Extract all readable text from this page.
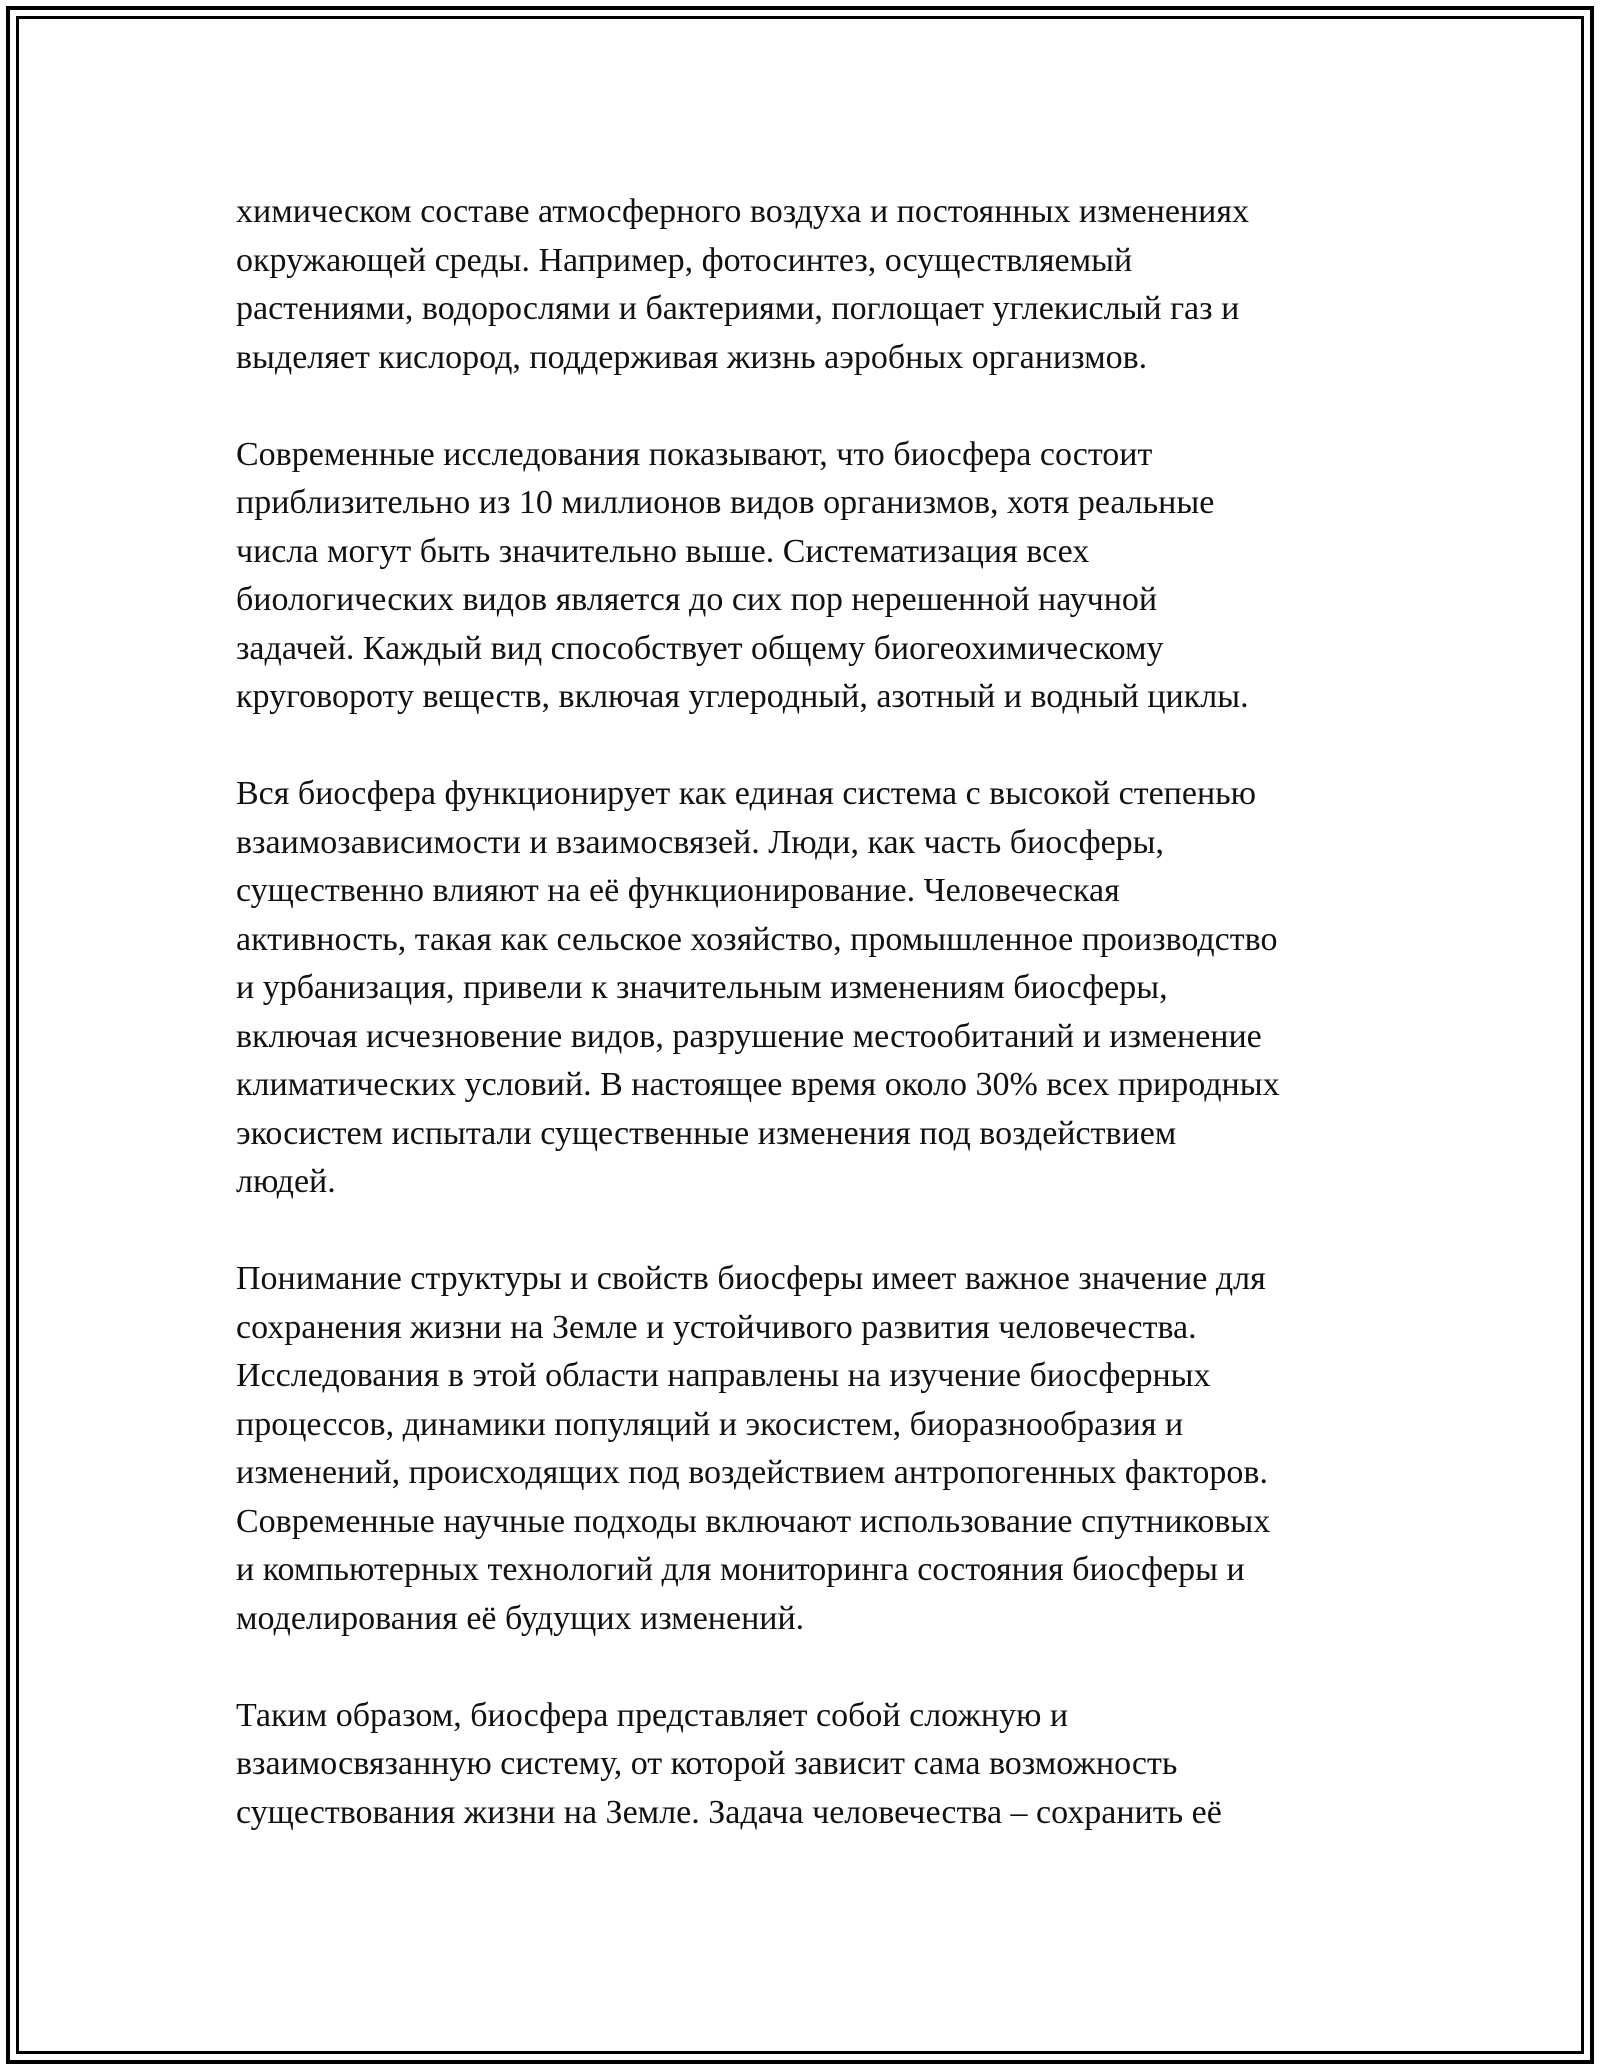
химическом составе атмосферного воздуха и постоянных изменениях
окружающей среды. Например, фотосинтез, осуществляемый
растениями, водорослями и бактериями, поглощает углекислый газ и
выделяет кислород, поддерживая жизнь аэробных организмов.

Современные исследования показывают, что биосфера состоит
приблизительно из 10 миллионов видов организмов, хотя реальные
числа могут быть значительно выше. Систематизация всех
биологических видов является до сих пор нерешенной научной
задачей. Каждый вид способствует общему биогеохимическому
круговороту веществ, включая углеродный, азотный и водный циклы.

Вся биосфера функционирует как единая система с высокой степенью
взаимозависимости и взаимосвязей. Люди, как часть биосферы,
существенно влияют на её функционирование. Человеческая
активность, такая как сельское хозяйство, промышленное производство
и урбанизация, привели к значительным изменениям биосферы,
включая исчезновение видов, разрушение местообитаний и изменение
климатических условий. В настоящее время около 30% всех природных
экосистем испытали существенные изменения под воздействием
людей.

Понимание структуры и свойств биосферы имеет важное значение для
сохранения жизни на Земле и устойчивого развития человечества.
Исследования в этой области направлены на изучение биосферных
процессов, динамики популяций и экосистем, биоразнообразия и
изменений, происходящих под воздействием антропогенных факторов.
Современные научные подходы включают использование спутниковых
и компьютерных технологий для мониторинга состояния биосферы и
моделирования её будущих изменений.

Таким образом, биосфера представляет собой сложную и
взаимосвязанную систему, от которой зависит сама возможность
существования жизни на Земле. Задача человечества – сохранить её
